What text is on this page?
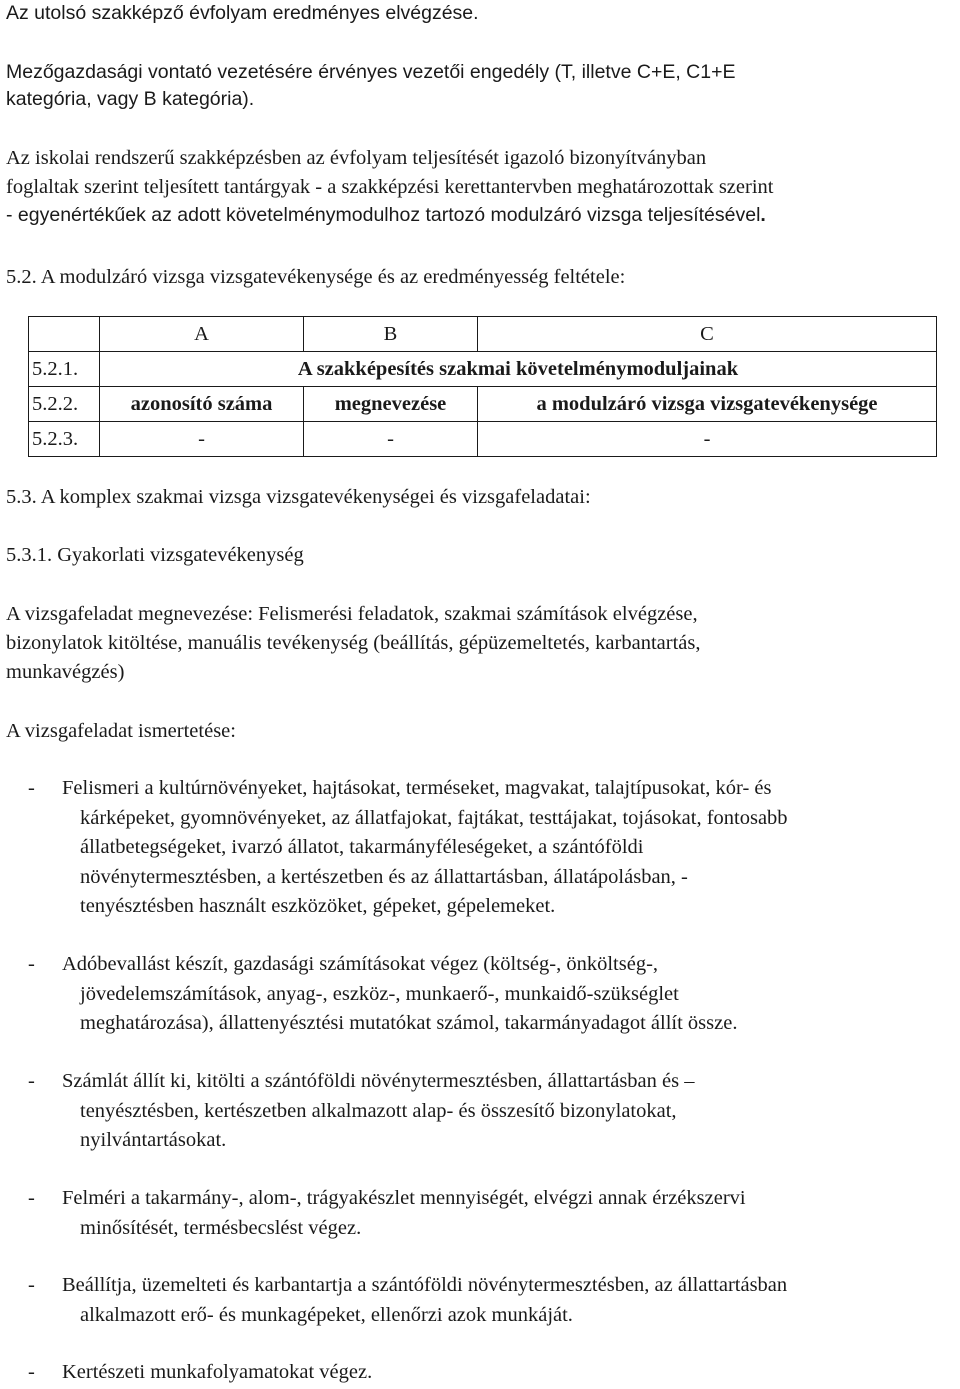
Az utolsó szakképző évfolyam eredményes elvégzése.
Mezőgazdasági vontató vezetésére érvényes vezetői engedély (T, illetve C+E, C1+E
kategória, vagy B kategória).
Az iskolai rendszerű szakképzésben az évfolyam teljesítését igazoló bizonyítványban
foglaltak szerint teljesített tantárgyak - a szakképzési kerettantervben meghatározottak szerint
- egyenértékűek az adott követelménymodulhoz tartozó modulzáró vizsga teljesítésével.
5.2. A modulzáró vizsga vizsgatevékenysége és az eredményesség feltétele:
	A	B	C
5.2.1.	A szakképesítés szakmai követelménymoduljainak		
5.2.2.	azonosító száma	megnevezése	a modulzáró vizsga vizsgatevékenysége
5.2.3.	-	-	-
5.3. A komplex szakmai vizsga vizsgatevékenységei és vizsgafeladatai:
5.3.1. Gyakorlati vizsgatevékenység
A vizsgafeladat megnevezése: Felismerési feladatok, szakmai számítások elvégzése,
bizonylatok kitöltése, manuális tevékenység (beállítás, gépüzemeltetés, karbantartás,
munkavégzés)
A vizsgafeladat ismertetése:
- Felismeri a kultúrnövényeket, hajtásokat, terméseket, magvakat, talajtípusokat, kór- és
kárképeket, gyomnövényeket, az állatfajokat, fajtákat, testtájakat, tojásokat, fontosabb
állatbetegségeket, ivarzó állatot, takarmányféleségeket, a szántóföldi
növénytermesztésben, a kertészetben és az állattartásban, állatápolásban, -
tenyésztésben használt eszközöket, gépeket, gépelemeket.
- Adóbevallást készít, gazdasági számításokat végez (költség-, önköltség-,
jövedelemszámítások, anyag-, eszköz-, munkaerő-, munkaidő-szükséglet
meghatározása), állattenyésztési mutatókat számol, takarmányadagot állít össze.
- Számlát állít ki, kitölti a szántóföldi növénytermesztésben, állattartásban és –
tenyésztésben, kertészetben alkalmazott alap- és összesítő bizonylatokat,
nyilvántartásokat.
- Felméri a takarmány-, alom-, trágyakészlet mennyiségét, elvégzi annak érzékszervi
minősítését, termésbecslést végez.
- Beállítja, üzemelteti és karbantartja a szántóföldi növénytermesztésben, az állattartásban
alkalmazott erő- és munkagépeket, ellenőrzi azok munkáját.
- Kertészeti munkafolyamatokat végez.
